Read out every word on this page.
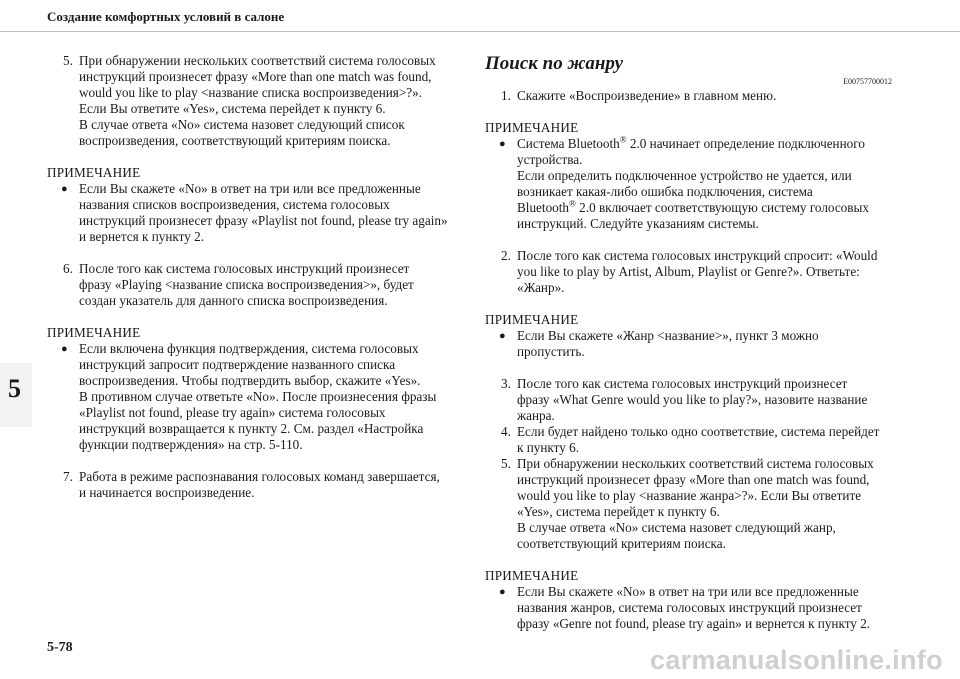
Создание комфортных условий в салоне
5
5. При обнаружении нескольких соответствий система голосовых
инструкций произнесет фразу «More than one match was found,
would you like to play <название списка воспроизведения>?».
Если Вы ответите «Yes», система перейдет к пункту 6.
В случае ответа «No» система назовет следующий список
воспроизведения, соответствующий критериям поиска.
ПРИМЕЧАНИЕ
● Если Вы скажете «No» в ответ на три или все предложенные
названия списков воспроизведения, система голосовых
инструкций произнесет фразу «Playlist not found, please try again»
и вернется к пункту 2.
6. После того как система голосовых инструкций произнесет
фразу «Playing <название списка воспроизведения>», будет
создан указатель для данного списка воспроизведения.
ПРИМЕЧАНИЕ
● Если включена функция подтверждения, система голосовых
инструкций запросит подтверждение названного списка
воспроизведения. Чтобы подтвердить выбор, скажите «Yes».
В противном случае ответьте «No». После произнесения фразы
«Playlist not found, please try again» система голосовых
инструкций возвращается к пункту 2. См. раздел «Настройка
функции подтверждения» на стр. 5-110.
7. Работа в режиме распознавания голосовых команд завершается,
и начинается воспроизведение.
Поиск по жанру
E00757700012
1. Скажите «Воспроизведение» в главном меню.
ПРИМЕЧАНИЕ
● Система Bluetooth® 2.0 начинает определение подключенного
устройства.
Если определить подключенное устройство не удается, или
возникает какая-либо ошибка подключения, система
Bluetooth® 2.0 включает соответствующую систему голосовых
инструкций. Следуйте указаниям системы.
2. После того как система голосовых инструкций спросит: «Would
you like to play by Artist, Album, Playlist or Genre?». Ответьте:
«Жанр».
ПРИМЕЧАНИЕ
● Если Вы скажете «Жанр <название>», пункт 3 можно
пропустить.
3. После того как система голосовых инструкций произнесет
фразу «What Genre would you like to play?», назовите название
жанра.
4. Если будет найдено только одно соответствие, система перейдет
к пункту 6.
5. При обнаружении нескольких соответствий система голосовых
инструкций произнесет фразу «More than one match was found,
would you like to play <название жанра>?». Если Вы ответите
«Yes», система перейдет к пункту 6.
В случае ответа «No» система назовет следующий жанр,
соответствующий критериям поиска.
ПРИМЕЧАНИЕ
● Если Вы скажете «No» в ответ на три или все предложенные
названия жанров, система голосовых инструкций произнесет
фразу «Genre not found, please try again» и вернется к пункту 2.
5-78	carmanualsonline.info
